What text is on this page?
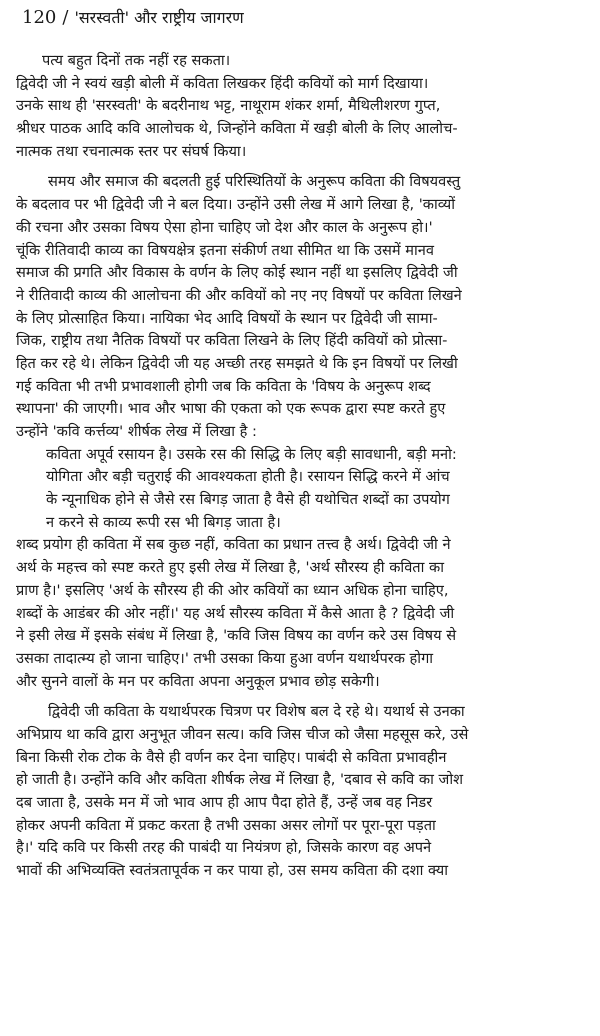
120 / 'सरस्वती' और राष्ट्रीय जागरण
पत्य बहुत दिनों तक नहीं रह सकता।
द्विवेदी जी ने स्वयं खड़ी बोली में कविता लिखकर हिंदी कवियों को मार्ग दिखाया।
उनके साथ ही 'सरस्वती' के बदरीनाथ भट्ट, नाथूराम शंकर शर्मा, मैथिलीशरण गुप्त,
श्रीधर पाठक आदि कवि आलोचक थे, जिन्होंने कविता में खड़ी बोली के लिए आलोच-
नात्मक तथा रचनात्मक स्तर पर संघर्ष किया।
समय और समाज की बदलती हुई परिस्थितियों के अनुरूप कविता की विषयवस्तु
के बदलाव पर भी द्विवेदी जी ने बल दिया। उन्होंने उसी लेख में आगे लिखा है, 'काव्यों
की रचना और उसका विषय ऐसा होना चाहिए जो देश और काल के अनुरूप हो।'
चूंकि रीतिवादी काव्य का विषयक्षेत्र इतना संकीर्ण तथा सीमित था कि उसमें मानव
समाज की प्रगति और विकास के वर्णन के लिए कोई स्थान नहीं था इसलिए द्विवेदी जी
ने रीतिवादी काव्य की आलोचना की और कवियों को नए नए विषयों पर कविता लिखने
के लिए प्रोत्साहित किया। नायिका भेद आदि विषयों के स्थान पर द्विवेदी जी सामा-
जिक, राष्ट्रीय तथा नैतिक विषयों पर कविता लिखने के लिए हिंदी कवियों को प्रोत्सा-
हित कर रहे थे। लेकिन द्विवेदी जी यह अच्छी तरह समझते थे कि इन विषयों पर लिखी
गई कविता भी तभी प्रभावशाली होगी जब कि कविता के 'विषय के अनुरूप शब्द
स्थापना' की जाएगी। भाव और भाषा की एकता को एक रूपक द्वारा स्पष्ट करते हुए
उन्होंने 'कवि कर्त्तव्य' शीर्षक लेख में लिखा है :
कविता अपूर्व रसायन है। उसके रस की सिद्धि के लिए बड़ी सावधानी, बड़ी मनो:
योगिता और बड़ी चतुराई की आवश्यकता होती है। रसायन सिद्धि करने में आंच
के न्यूनाधिक होने से जैसे रस बिगड़ जाता है वैसे ही यथोचित शब्दों का उपयोग
न करने से काव्य रूपी रस भी बिगड़ जाता है।
शब्द प्रयोग ही कविता में सब कुछ नहीं, कविता का प्रधान तत्त्व है अर्थ। द्विवेदी जी ने
अर्थ के महत्त्व को स्पष्ट करते हुए इसी लेख में लिखा है, 'अर्थ सौरस्य ही कविता का
प्राण है।' इसलिए 'अर्थ के सौरस्य ही की ओर कवियों का ध्यान अधिक होना चाहिए,
शब्दों के आडंबर की ओर नहीं।' यह अर्थ सौरस्य कविता में कैसे आता है ? द्विवेदी जी
ने इसी लेख में इसके संबंध में लिखा है, 'कवि जिस विषय का वर्णन करे उस विषय से
उसका तादात्म्य हो जाना चाहिए।' तभी उसका किया हुआ वर्णन यथार्थपरक होगा
और सुनने वालों के मन पर कविता अपना अनुकूल प्रभाव छोड़ सकेगी।
द्विवेदी जी कविता के यथार्थपरक चित्रण पर विशेष बल दे रहे थे। यथार्थ से उनका
अभिप्राय था कवि द्वारा अनुभूत जीवन सत्य। कवि जिस चीज को जैसा महसूस करे, उसे
बिना किसी रोक टोक के वैसे ही वर्णन कर देना चाहिए। पाबंदी से कविता प्रभावहीन
हो जाती है। उन्होंने कवि और कविता शीर्षक लेख में लिखा है, 'दबाव से कवि का जोश
दब जाता है, उसके मन में जो भाव आप ही आप पैदा होते हैं, उन्हें जब वह निडर
होकर अपनी कविता में प्रकट करता है तभी उसका असर लोगों पर पूरा-पूरा पड़ता
है।' यदि कवि पर किसी तरह की पाबंदी या नियंत्रण हो, जिसके कारण वह अपने
भावों की अभिव्यक्ति स्वतंत्रतापूर्वक न कर पाया हो, उस समय कविता की दशा क्या
